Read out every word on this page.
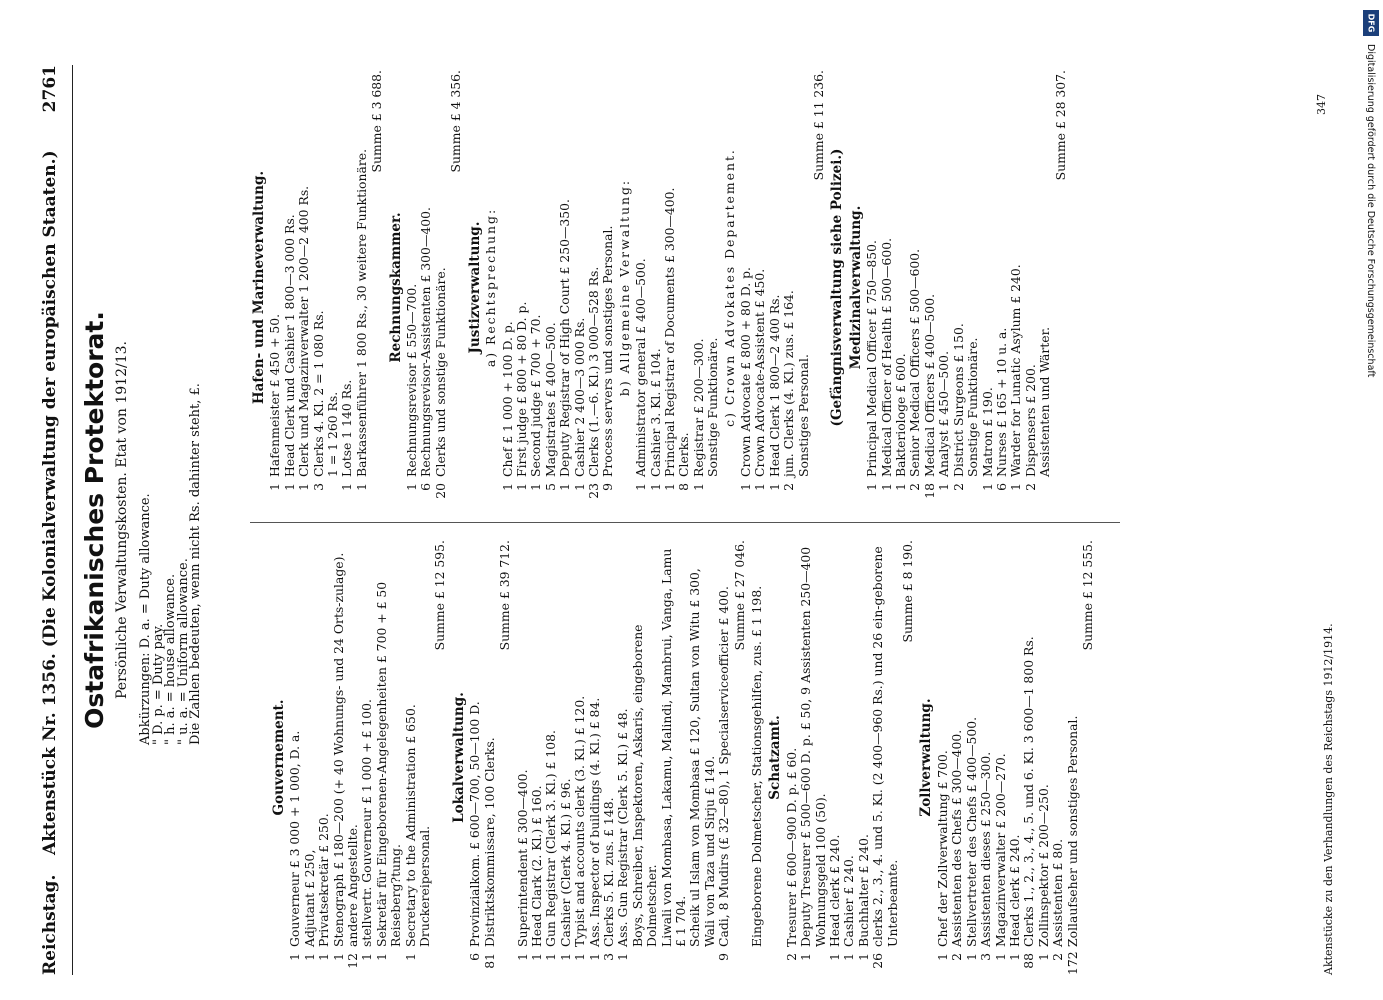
Reichstag.
Aktenstück Nr. 1356. (Die Kolonialverwaltung der europäischen Staaten.)
2761
Ostafrikanisches Protektorat. Persönliche Verwaltungskosten. Etat von 1912/13. Abkürzungen: D. a. = Duty allowance.
" D. p. = Duty pay.
" h. a. = house allowance.
" u. a. = Uniform allowance.
Die Zahlen bedeuten, wenn nicht Rs. dahinter steht, £.
Gouvernement.
1
Gouverneur £ 3 000 + 1 000, D. a.
1
Adjutant £ 250,
1
Privatsekretär £ 250.
1
Stenograph £ 180—200 (+ 40 Wohnungs- und 24 Orts-zulage).
12
andere Angestellte.
1
stellvertr. Gouverneur £ 1 000 + £ 100.
1
Sekretär für Eingeborenen-Angelegenheiten £ 700 + £ 50 Reiseberg?tung.
1
Secretary to the Administration £ 650. Druckereipersonal.
Summe £ 12 595.
Lokalverwaltung.
6
Provinzialkom. £ 600—700, 50—100 D.
81
Distriktskommissare, 100 Clerks.
Summe £ 39 712.
1
Superintendent £ 300—400.
1
Head Clark (2. Kl.) £ 160.
1
Gun Registrar (Clerk 3. Kl.) £ 108.
1
Cashier (Clerk 4. Kl.) £ 96.
1
Typist and accounts clerk (3. Kl.) £ 120.
1
Ass. Inspector of buildings (4. Kl.) £ 84.
3
Clerks 5. Kl. zus. £ 148.
1
Ass. Gun Registrar (Clerk 5. Kl.) £ 48. Boys, Schreiber, Inspektoren, Askaris, eingeborene Dolmetscher. Liwali von Mombasa, Lakamu, Malindi, Mambrui, Vanga, Lamu £ 1 704. Scheik ul Islam von Mombasa £ 120, Sultan von Witu £ 300, Wali von Taza und Sirju £ 140.
9
Cadi, 8 Mudirs (£ 32—80), 1 Specialserviceofficier £ 400. Summe £ 27 046. Eingeborene Dolmetscher, Stationsgehilfen, zus. £ 1 198. Schatzamt.
2
Tresurer £ 600—900 D. p. £ 60.
1
Deputy Tresurer £ 500—600 D. p. £ 50, 9 Assistenten 250—400 Wohnungsgeld 100 (50).
1
Head clerk £ 240.
1
Cashier £ 240.
1
Buchhalter £ 240.
26
clerks 2., 3., 4. und 5. Kl. (2 400—960 Rs.) und 26 ein-geborene Unterbeamte.
Summe £ 8 190.
Zollverwaltung.
1
Chef der Zollverwaltung £ 700.
2
Assistenten des Chefs £ 300—400.
1
Stellvertreter des Chefs £ 400—500.
3
Assistenten dieses £ 250—300.
1
Magazinverwalter £ 200—270.
1
Head clerk £ 240.
88
Clerks 1., 2., 3., 4., 5. und 6. Kl. 3 600—1 800 Rs.
1
Zollinspektor £ 200—250.
2
Assistenten £ 80.
172
Zollaufseher und sonstiges Personal.
Summe £ 12 555.
Hafen- und Marineverwaltung.
1
Hafenmeister £ 450 + 50.
1
Head Clerk und Cashier 1 800—3 000 Rs.
1
Clerk und Magazinverwalter 1 200—2 400 Rs.
3
Clerks 4. Kl. 2 = 1 080 Rs. 1 = 1 260 Rs.
1
Lotse 1 140 Rs.
1
Barkassenführer 1 800 Rs., 30 weitere Funktionäre.
Summe £ 3 688.
Rechnungskammer.
1
Rechnungsrevisor £ 550—700.
6
Rechnungsrevisor-Assistenten £ 300—400.
20
Clerks und sonstige Funktionäre.
Summe £ 4 356.
Justizverwaltung. a) Rechtsprechung:
1
Chef £ 1 000 + 100 D. p.
1
First judge £ 800 + 80 D. p.
1
Second judge £ 700 + 70.
5
Magistrates £ 400—500.
1
Deputy Registrar of High Court £ 250—350.
1
Cashier 2 400—3 000 Rs.
23
Clerks (1.—6. Kl.) 3 000—528 Rs.
9
Process servers und sonstiges Personal. b) Allgemeine Verwaltung:
1
Administrator general £ 400—500.
1
Cashier 3. Kl. £ 104.
1
Principal Registrar of Documents £ 300—400.
8
Clerks.
1
Registrar £ 200—300. Sonstige Funktionäre. c) Crown Advokates Departement.
1
Crown Advocate £ 800 + 80 D. p.
1
Crown Advocate-Assistent £ 450.
1
Head Clerk 1 800—2 400 Rs.
2
jun. Clerks (4. Kl.) zus. £ 164. Sonstiges Personal.
Summe £ 11 236.
(Gefängnisverwaltung siehe Polizei.) Medizinalverwaltung.
1
Principal Medical Officer £ 750—850.
1
Medical Officer of Health £ 500—600.
1
Bakteriologe £ 600.
2
Senior Medical Officers £ 500—600.
18
Medical Officers £ 400—500.
1
Analyst £ 450—500.
2
District Surgeons £ 150. Sonstige Funktionäre.
1
Matron £ 190.
6
Nurses £ 165 + 10 u. a.
1
Warder for Lunatic Asylum £ 240.
2
Dispensers £ 200. Assistenten und Wärter.
Summe £ 28 307.
Aktenstücke zu den Verhandlungen des Reichstags 1912/1914.
347
DFG
Digitalisierung gefördert durch die Deutsche Forschungsgemeinschaft
